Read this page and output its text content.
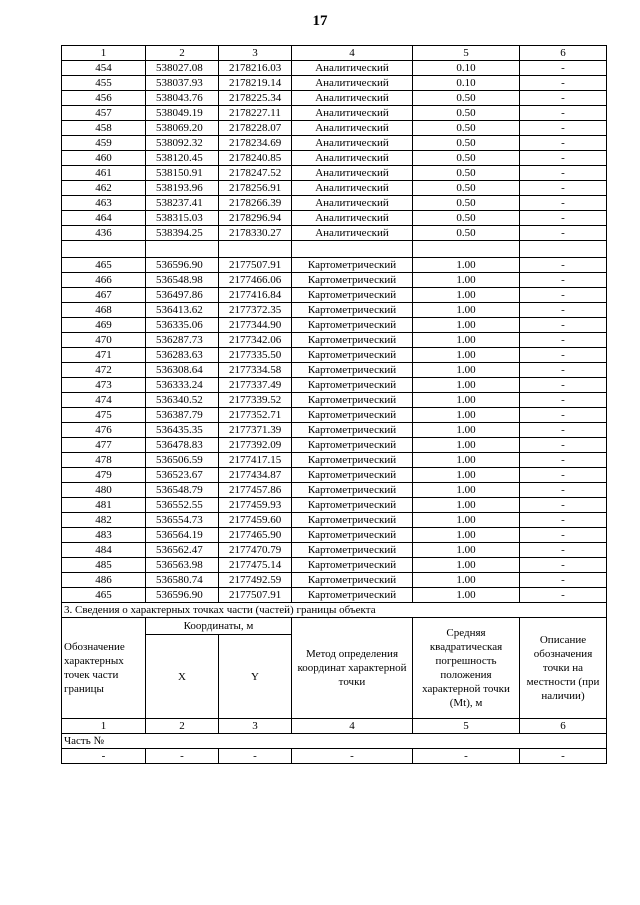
17
1	2	3	4	5	6
454	538027.08	2178216.03	Аналитический	0.10	-
455	538037.93	2178219.14	Аналитический	0.10	-
456	538043.76	2178225.34	Аналитический	0.50	-
457	538049.19	2178227.11	Аналитический	0.50	-
458	538069.20	2178228.07	Аналитический	0.50	-
459	538092.32	2178234.69	Аналитический	0.50	-
460	538120.45	2178240.85	Аналитический	0.50	-
461	538150.91	2178247.52	Аналитический	0.50	-
462	538193.96	2178256.91	Аналитический	0.50	-
463	538237.41	2178266.39	Аналитический	0.50	-
464	538315.03	2178296.94	Аналитический	0.50	-
436	538394.25	2178330.27	Аналитический	0.50	-

465	536596.90	2177507.91	Картометрический	1.00	-
466	536548.98	2177466.06	Картометрический	1.00	-
467	536497.86	2177416.84	Картометрический	1.00	-
468	536413.62	2177372.35	Картометрический	1.00	-
469	536335.06	2177344.90	Картометрический	1.00	-
470	536287.73	2177342.06	Картометрический	1.00	-
471	536283.63	2177335.50	Картометрический	1.00	-
472	536308.64	2177334.58	Картометрический	1.00	-
473	536333.24	2177337.49	Картометрический	1.00	-
474	536340.52	2177339.52	Картометрический	1.00	-
475	536387.79	2177352.71	Картометрический	1.00	-
476	536435.35	2177371.39	Картометрический	1.00	-
477	536478.83	2177392.09	Картометрический	1.00	-
478	536506.59	2177417.15	Картометрический	1.00	-
479	536523.67	2177434.87	Картометрический	1.00	-
480	536548.79	2177457.86	Картометрический	1.00	-
481	536552.55	2177459.93	Картометрический	1.00	-
482	536554.73	2177459.60	Картометрический	1.00	-
483	536564.19	2177465.90	Картометрический	1.00	-
484	536562.47	2177470.79	Картометрический	1.00	-
485	536563.98	2177475.14	Картометрический	1.00	-
486	536580.74	2177492.59	Картометрический	1.00	-
465	536596.90	2177507.91	Картометрический	1.00	-
3. Сведения о характерных точках части (частей) границы объекта					
Обозначение характерных точек части границы	Координаты, м		Метод определения координат характерной точки	Средняя квадратическая погрешность положения характерной точки (Mt), м	Описание обозначения точки на местности (при наличии)
	X	Y			
1	2	3	4	5	6
Часть №					
-	-	-	-	-	-
